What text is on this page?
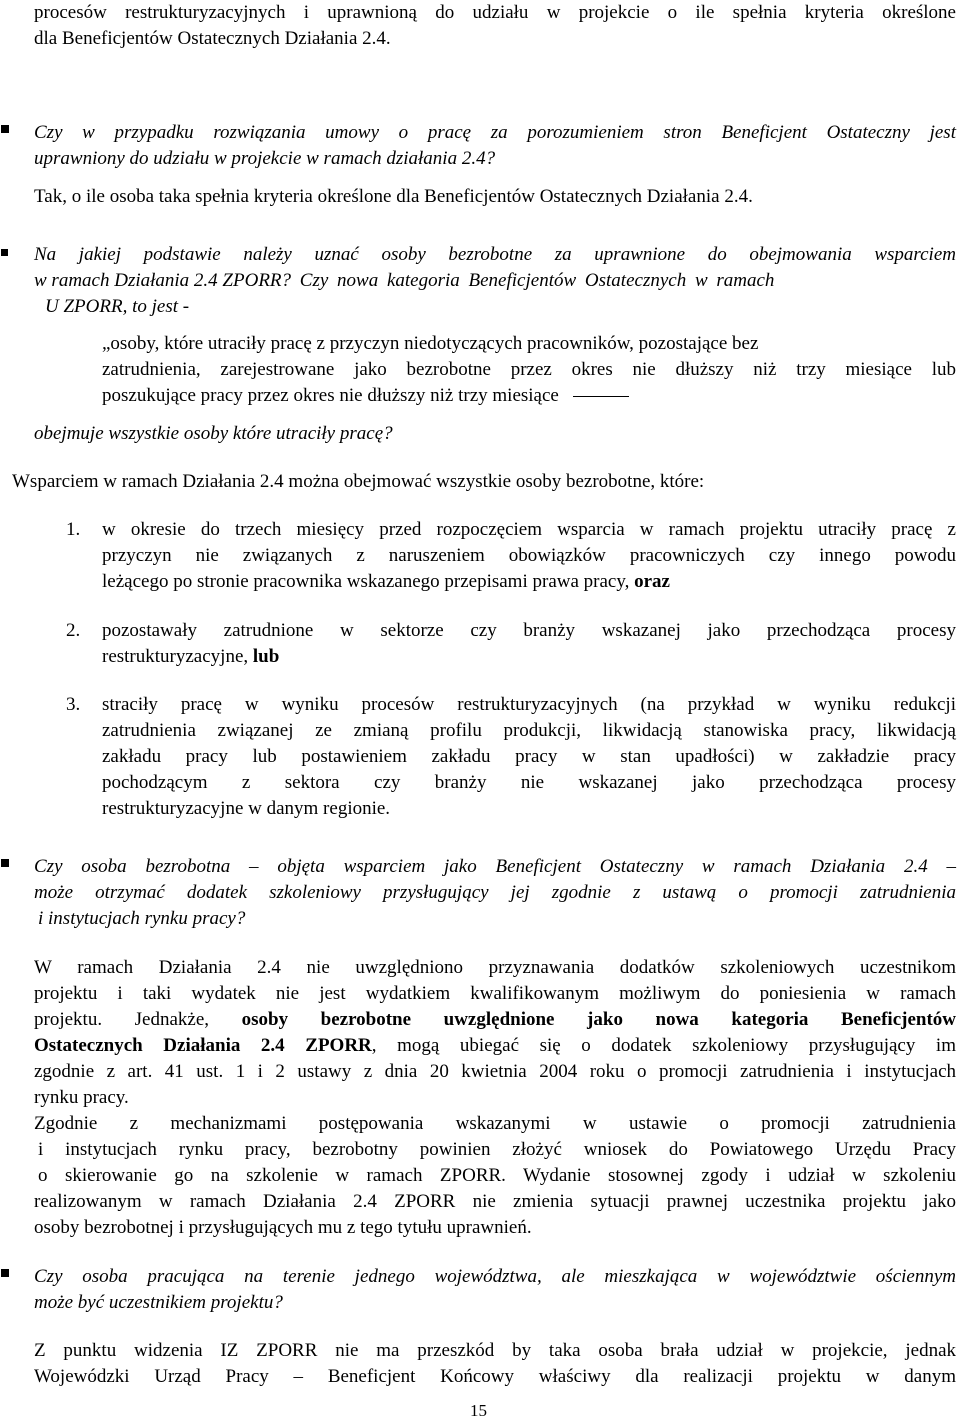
procesów restrukturyzacyjnych i uprawnioną do udziału w projekcie o ile spełnia kryteria określone
dla Beneficjentów Ostatecznych Działania 2.4.
Czy w przypadku rozwiązania umowy o pracę za porozumieniem stron Beneficjent Ostateczny jest
uprawniony do udziału w projekcie w ramach działania 2.4?
Tak, o ile osoba taka spełnia kryteria określone dla Beneficjentów Ostatecznych Działania 2.4.
Na jakiej podstawie należy uznać osoby bezrobotne za uprawnione do obejmowania wsparciem
w ramach Działania 2.4 ZPORR? Czy nowa kategoria Beneficjentów Ostatecznych w ramach
U ZPORR, to jest -
„osoby, które utraciły pracę z przyczyn niedotyczących pracowników, pozostające bez
zatrudnienia, zarejestrowane jako bezrobotne przez okres nie dłuższy niż trzy miesiące lub
poszukujące pracy przez okres nie dłuższy niż trzy miesiące
obejmuje wszystkie osoby które utraciły pracę?
Wsparciem w ramach Działania 2.4 można obejmować wszystkie osoby bezrobotne, które:
1. w okresie do trzech miesięcy przed rozpoczęciem wsparcia w ramach projektu utraciły pracę z
przyczyn nie związanych z naruszeniem obowiązków pracowniczych czy innego powodu
leżącego po stronie pracownika wskazanego przepisami prawa pracy, oraz
2. pozostawały zatrudnione w sektorze czy branży wskazanej jako przechodząca procesy
restrukturyzacyjne, lub
3. straciły pracę w wyniku procesów restrukturyzacyjnych (na przykład w wyniku redukcji
zatrudnienia związanej ze zmianą profilu produkcji, likwidacją stanowiska pracy, likwidacją
zakładu pracy lub postawieniem zakładu pracy w stan upadłości) w zakładzie pracy
pochodzącym z sektora czy branży nie wskazanej jako przechodząca procesy
restrukturyzacyjne w danym regionie.
Czy osoba bezrobotna – objęta wsparciem jako Beneficjent Ostateczny w ramach Działania 2.4 –
może otrzymać dodatek szkoleniowy przysługujący jej zgodnie z ustawą o promocji zatrudnienia
i instytucjach rynku pracy?
W ramach Działania 2.4 nie uwzględniono przyznawania dodatków szkoleniowych uczestnikom
projektu i taki wydatek nie jest wydatkiem kwalifikowanym możliwym do poniesienia w ramach
projektu. Jednakże, osoby bezrobotne uwzględnione jako nowa kategoria Beneficjentów
Ostatecznych Działania 2.4 ZPORR, mogą ubiegać się o dodatek szkoleniowy przysługujący im
zgodnie z art. 41 ust. 1 i 2 ustawy z dnia 20 kwietnia 2004 roku o promocji zatrudnienia i instytucjach
rynku pracy.
Zgodnie z mechanizmami postępowania wskazanymi w ustawie o promocji zatrudnienia
i instytucjach rynku pracy, bezrobotny powinien złożyć wniosek do Powiatowego Urzędu Pracy
o skierowanie go na szkolenie w ramach ZPORR. Wydanie stosownej zgody i udział w szkoleniu
realizowanym w ramach Działania 2.4 ZPORR nie zmienia sytuacji prawnej uczestnika projektu jako
osoby bezrobotnej i przysługujących mu z tego tytułu uprawnień.
Czy osoba pracująca na terenie jednego województwa, ale mieszkająca w województwie ościennym
może być uczestnikiem projektu?
Z punktu widzenia IZ ZPORR nie ma przeszkód by taka osoba brała udział w projekcie, jednak
Wojewódzki Urząd Pracy – Beneficjent Końcowy właściwy dla realizacji projektu w danym
15
